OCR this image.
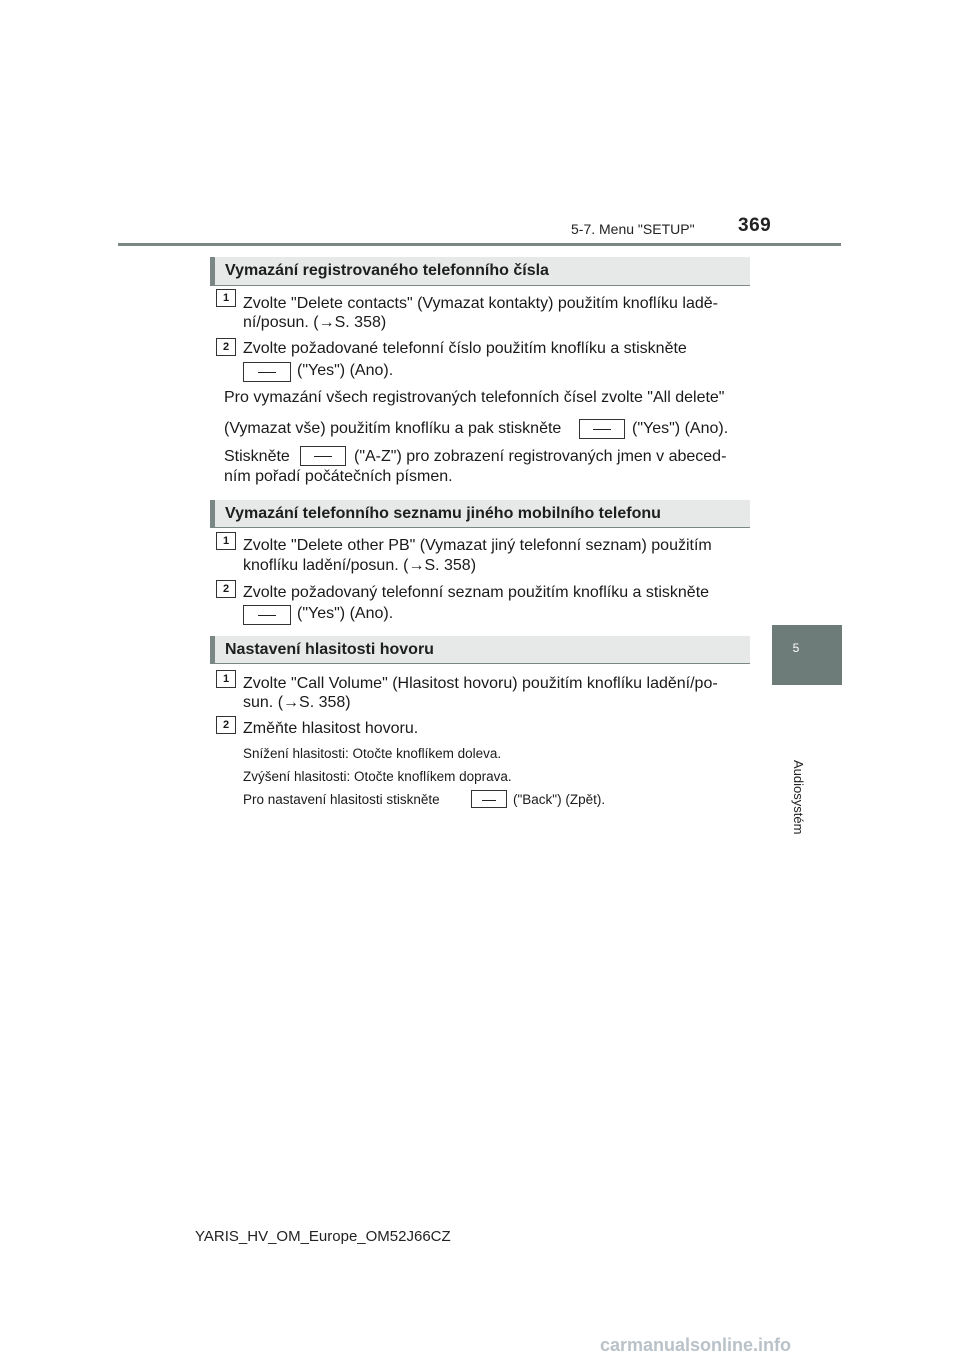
5-7. Menu "SETUP" 369
5
Audiosystém
Vymazání registrovaného telefonního čísla
1 Zvolte "Delete contacts" (Vymazat kontakty) použitím knoflíku ladě-
ní/posun. (→S. 358)
2 Zvolte požadované telefonní číslo použitím knoflíku a stiskněte
("Yes") (Ano).
Pro vymazání všech registrovaných telefonních čísel zvolte "All delete"
(Vymazat vše) použitím knoflíku a pak stiskněte	("Yes") (Ano).
Stiskněte	("A-Z") pro zobrazení registrovaných jmen v abeced-
ním pořadí počátečních písmen.
Vymazání telefonního seznamu jiného mobilního telefonu
1 Zvolte "Delete other PB" (Vymazat jiný telefonní seznam) použitím
knoflíku ladění/posun. (→S. 358)
2 Zvolte požadovaný telefonní seznam použitím knoflíku a stiskněte
("Yes") (Ano).
Nastavení hlasitosti hovoru
1 Zvolte "Call Volume" (Hlasitost hovoru) použitím knoflíku ladění/po-
sun. (→S. 358)
2 Změňte hlasitost hovoru.
Snížení hlasitosti: Otočte knoflíkem doleva.
Zvýšení hlasitosti: Otočte knoflíkem doprava.
Pro nastavení hlasitosti stiskněte	("Back") (Zpět).
YARIS_HV_OM_Europe_OM52J66CZ
carmanualsonline.info
